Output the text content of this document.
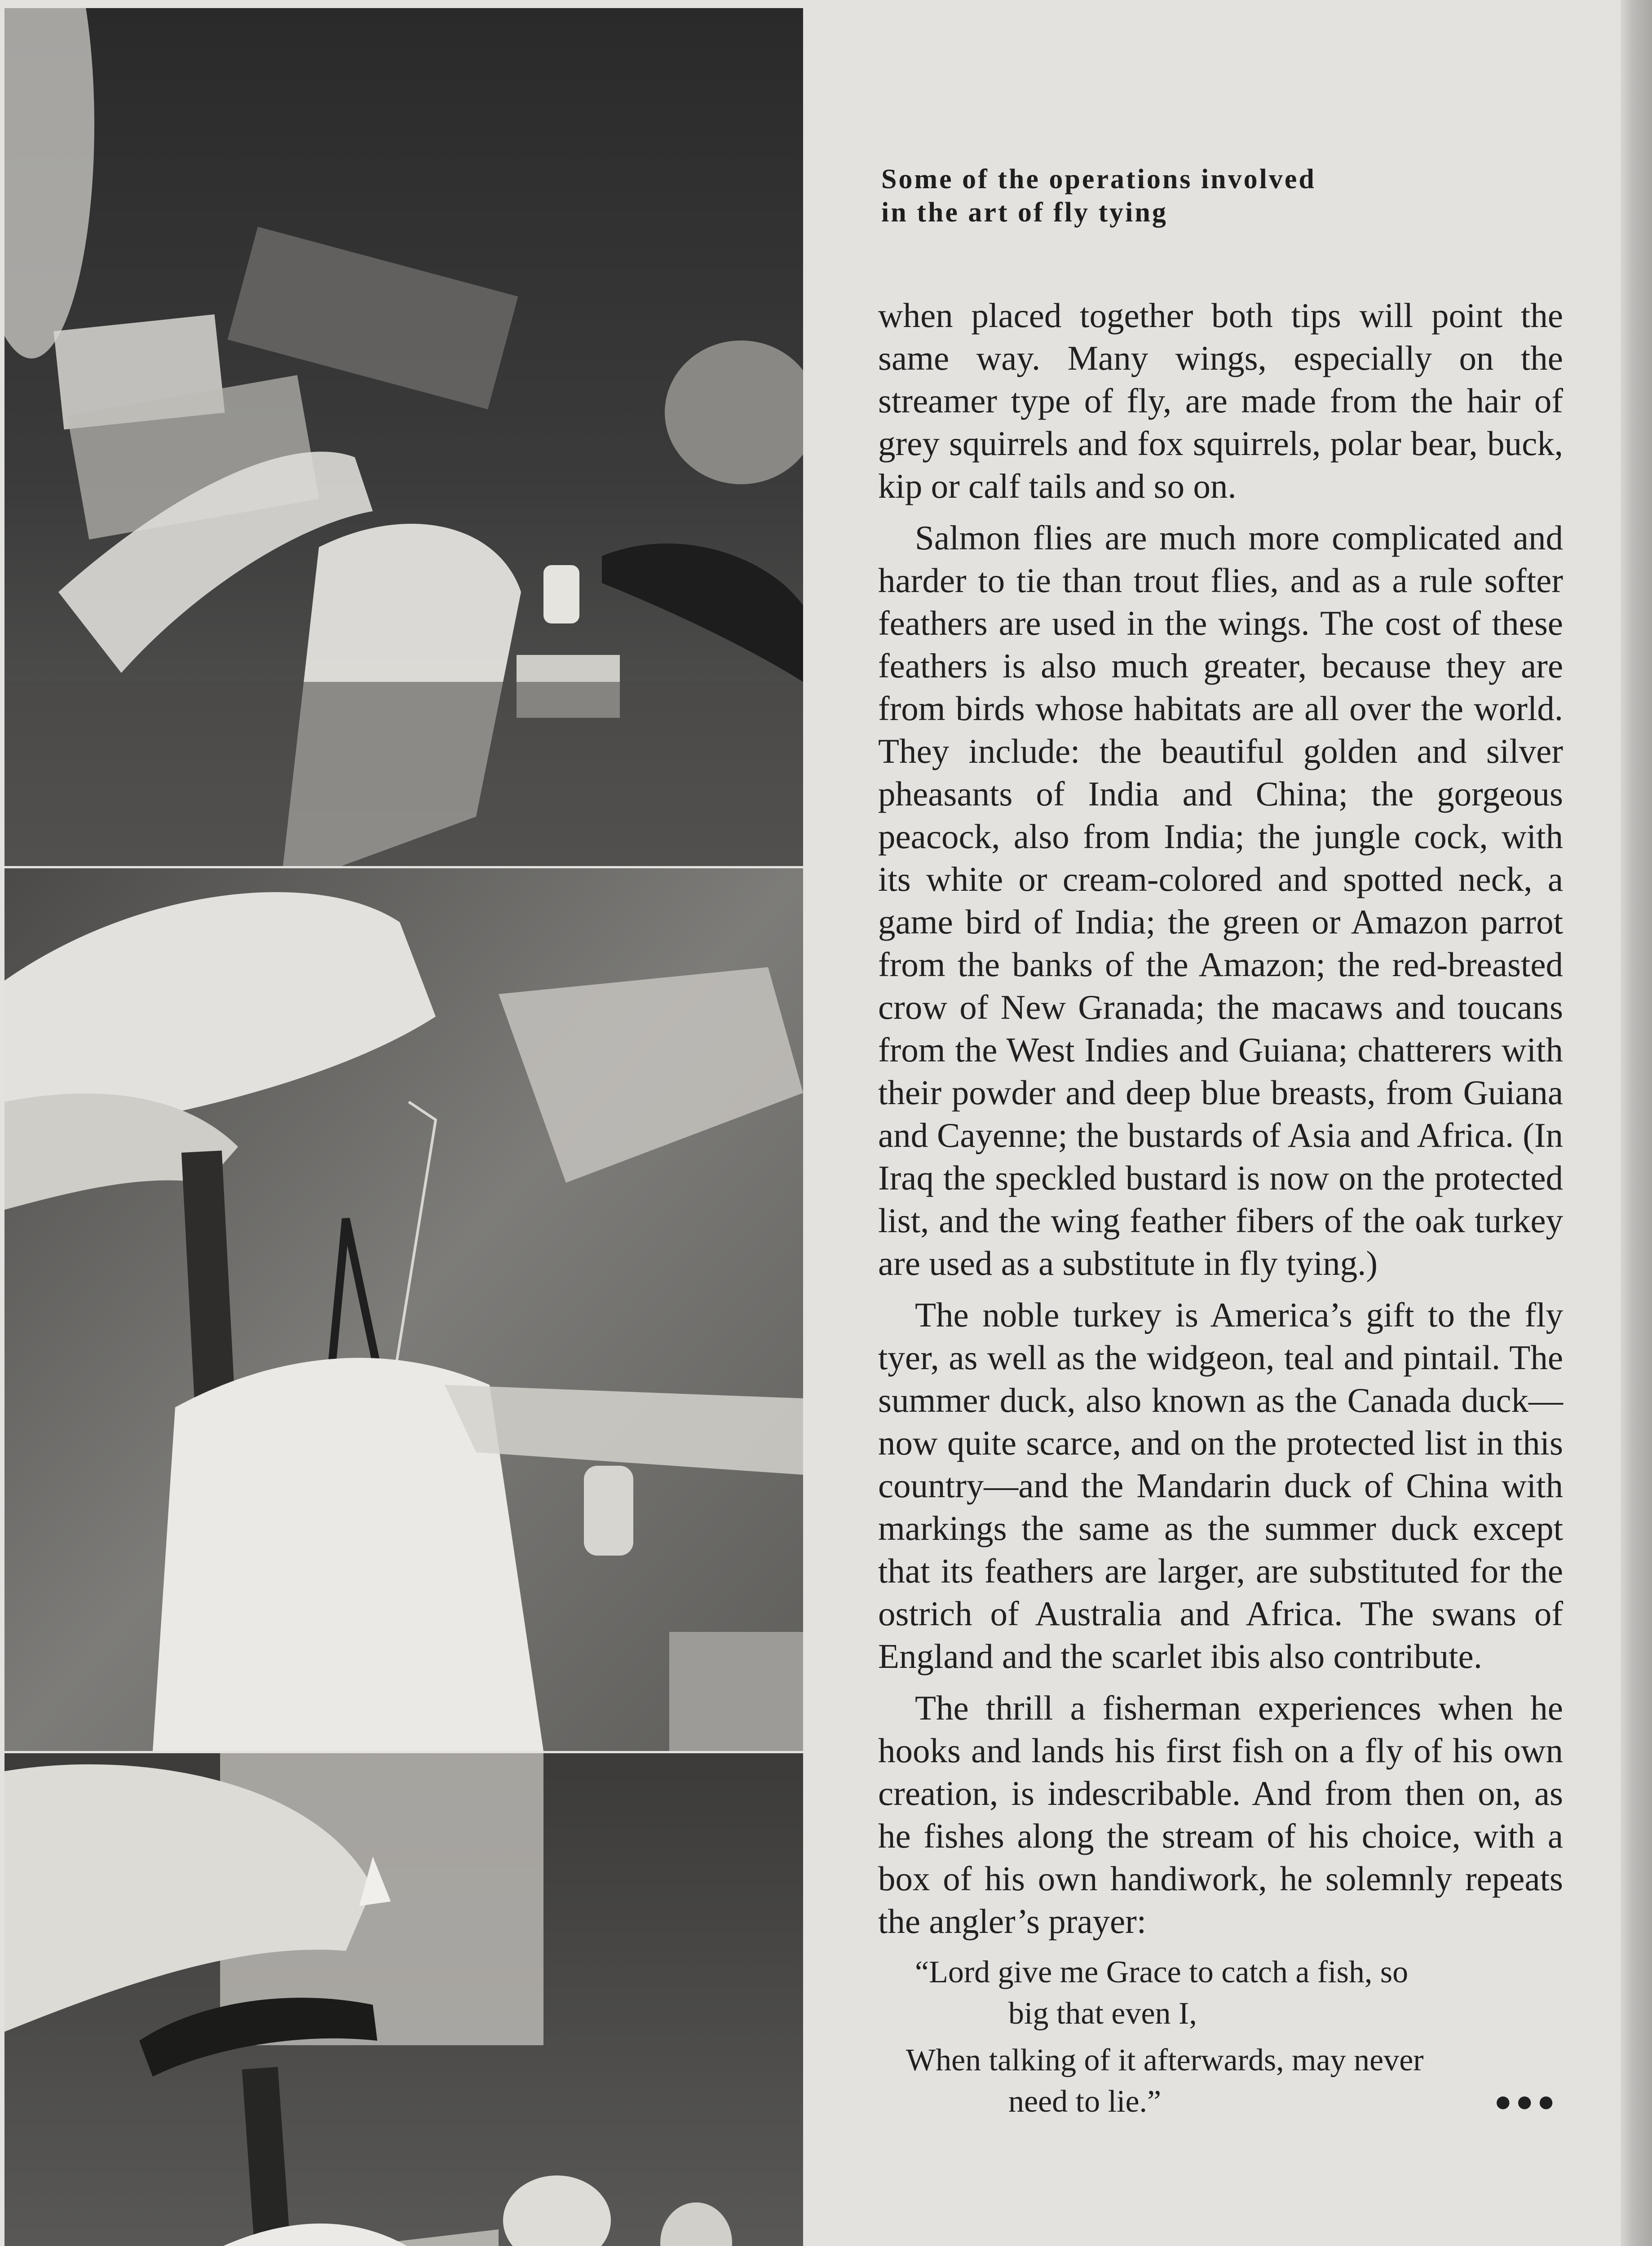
Some of the operations involved
in the art of fly tying

when placed together both tips will point the same way. Many wings, especially on the streamer type of fly, are made from the hair of grey squirrels and fox squirrels, polar bear, buck, kip or calf tails and so on.

Salmon flies are much more complicated and harder to tie than trout flies, and as a rule softer feathers are used in the wings. The cost of these feathers is also much greater, because they are from birds whose habitats are all over the world. They include: the beautiful golden and silver pheasants of India and China; the gorgeous peacock, also from India; the jungle cock, with its white or cream-colored and spotted neck, a game bird of India; the green or Amazon parrot from the banks of the Amazon; the red-breasted crow of New Granada; the macaws and toucans from the West Indies and Guiana; chatterers with their powder and deep blue breasts, from Guiana and Cayenne; the bustards of Asia and Africa. (In Iraq the speckled bustard is now on the protected list, and the wing feather fibers of the oak turkey are used as a substitute in fly tying.)

The noble turkey is America’s gift to the fly tyer, as well as the widgeon, teal and pintail. The summer duck, also known as the Canada duck—now quite scarce, and on the protected list in this country—and the Mandarin duck of China with markings the same as the summer duck except that its feathers are larger, are substituted for the ostrich of Australia and Africa. The swans of England and the scarlet ibis also contribute.

The thrill a fisherman experiences when he hooks and lands his first fish on a fly of his own creation, is indescribable. And from then on, as he fishes along the stream of his choice, with a box of his own handiwork, he solemnly repeats the angler’s prayer:

“Lord give me Grace to catch a fish, so
big that even I,
When talking of it afterwards, may never
need to lie.”	●●●
